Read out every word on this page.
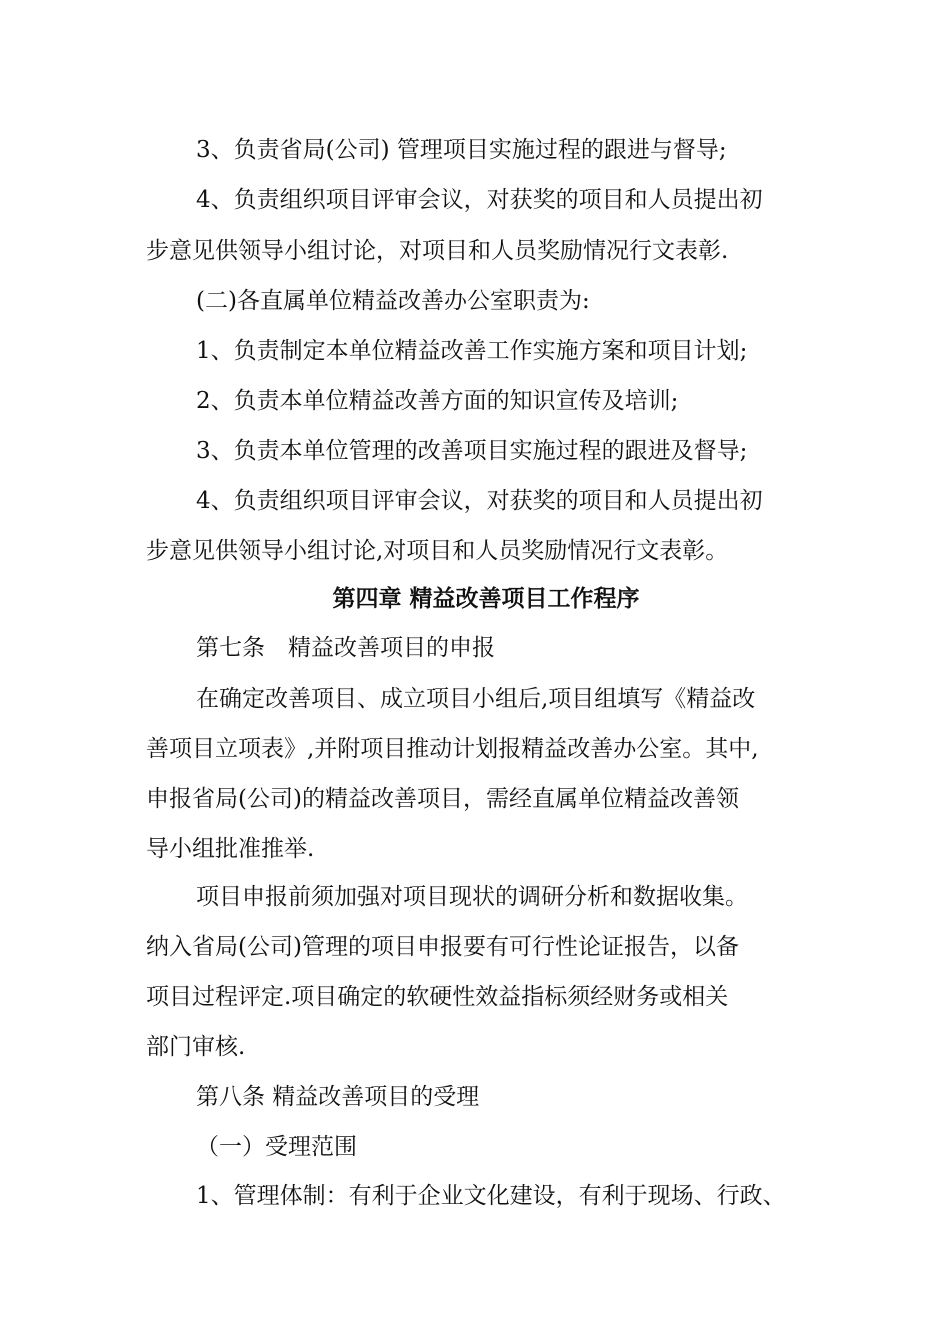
3、负责省局(公司) 管理项目实施过程的跟进与督导;
4、负责组织项目评审会议，对获奖的项目和人员提出初
步意见供领导小组讨论，对项目和人员奖励情况行文表彰.
(二)各直属单位精益改善办公室职责为:
1、负责制定本单位精益改善工作实施方案和项目计划;
2、负责本单位精益改善方面的知识宣传及培训;
3、负责本单位管理的改善项目实施过程的跟进及督导;
4、负责组织项目评审会议，对获奖的项目和人员提出初
步意见供领导小组讨论,对项目和人员奖励情况行文表彰。
第四章 精益改善项目工作程序
第七条　精益改善项目的申报
在确定改善项目、成立项目小组后,项目组填写《精益改
善项目立项表》,并附项目推动计划报精益改善办公室。其中,
申报省局(公司)的精益改善项目，需经直属单位精益改善领
导小组批准推举.
项目申报前须加强对项目现状的调研分析和数据收集。
纳入省局(公司)管理的项目申报要有可行性论证报告，以备
项目过程评定.项目确定的软硬性效益指标须经财务或相关
部门审核.
第八条 精益改善项目的受理
（一）受理范围
1、管理体制：有利于企业文化建设，有利于现场、行政、
